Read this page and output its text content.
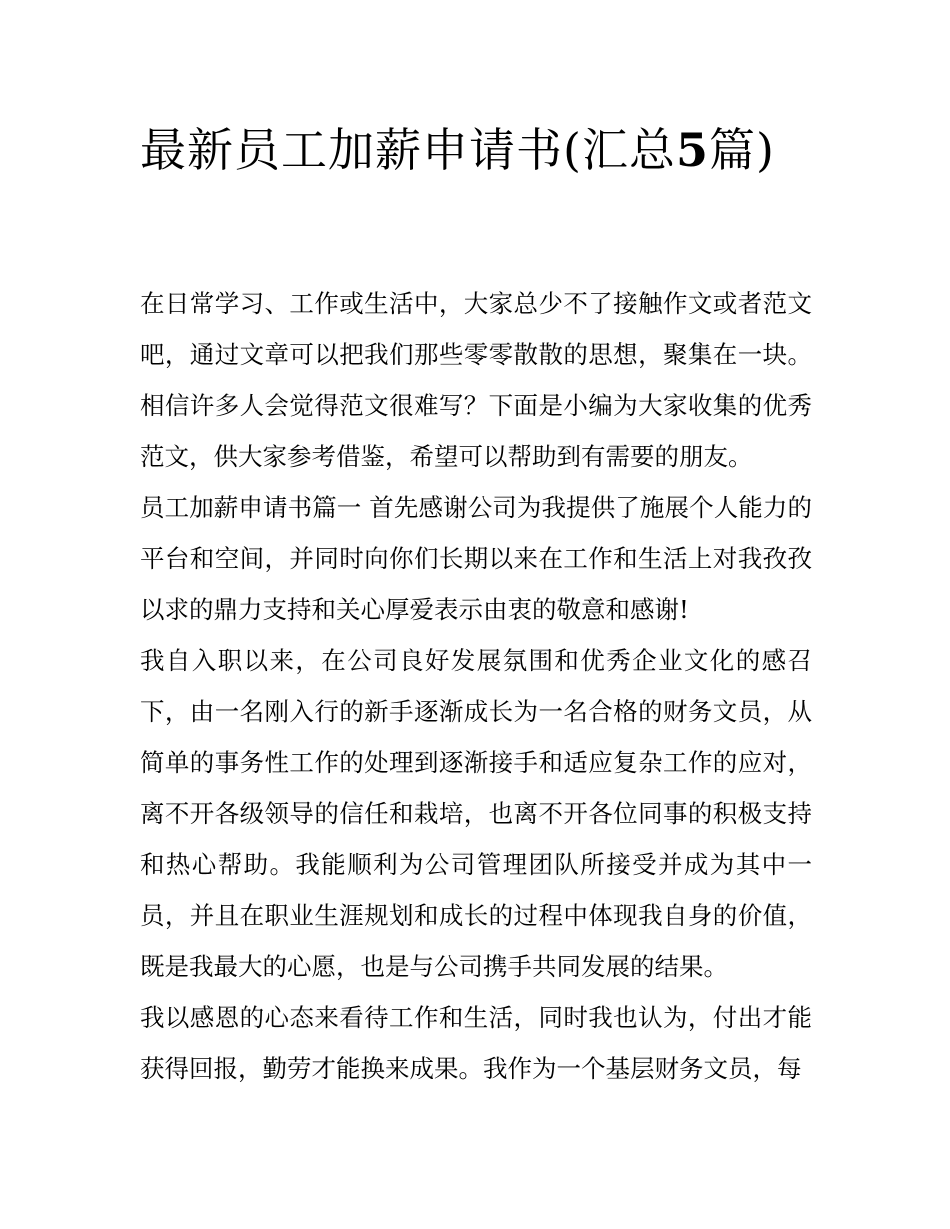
最新员工加薪申请书(汇总5篇)

在日常学习、工作或生活中，大家总少不了接触作文或者范文吧，通过文章可以把我们那些零零散散的思想，聚集在一块。相信许多人会觉得范文很难写？下面是小编为大家收集的优秀范文，供大家参考借鉴，希望可以帮助到有需要的朋友。

员工加薪申请书篇一 首先感谢公司为我提供了施展个人能力的平台和空间，并同时向你们长期以来在工作和生活上对我孜孜以求的鼎力支持和关心厚爱表示由衷的敬意和感谢!

我自入职以来，在公司良好发展氛围和优秀企业文化的感召下，由一名刚入行的新手逐渐成长为一名合格的财务文员，从简单的事务性工作的处理到逐渐接手和适应复杂工作的应对，离不开各级领导的信任和栽培，也离不开各位同事的积极支持和热心帮助。我能顺利为公司管理团队所接受并成为其中一员，并且在职业生涯规划和成长的过程中体现我自身的价值，既是我最大的心愿，也是与公司携手共同发展的结果。

我以感恩的心态来看待工作和生活，同时我也认为，付出才能获得回报，勤劳才能换来成果。我作为一个基层财务文员，每
